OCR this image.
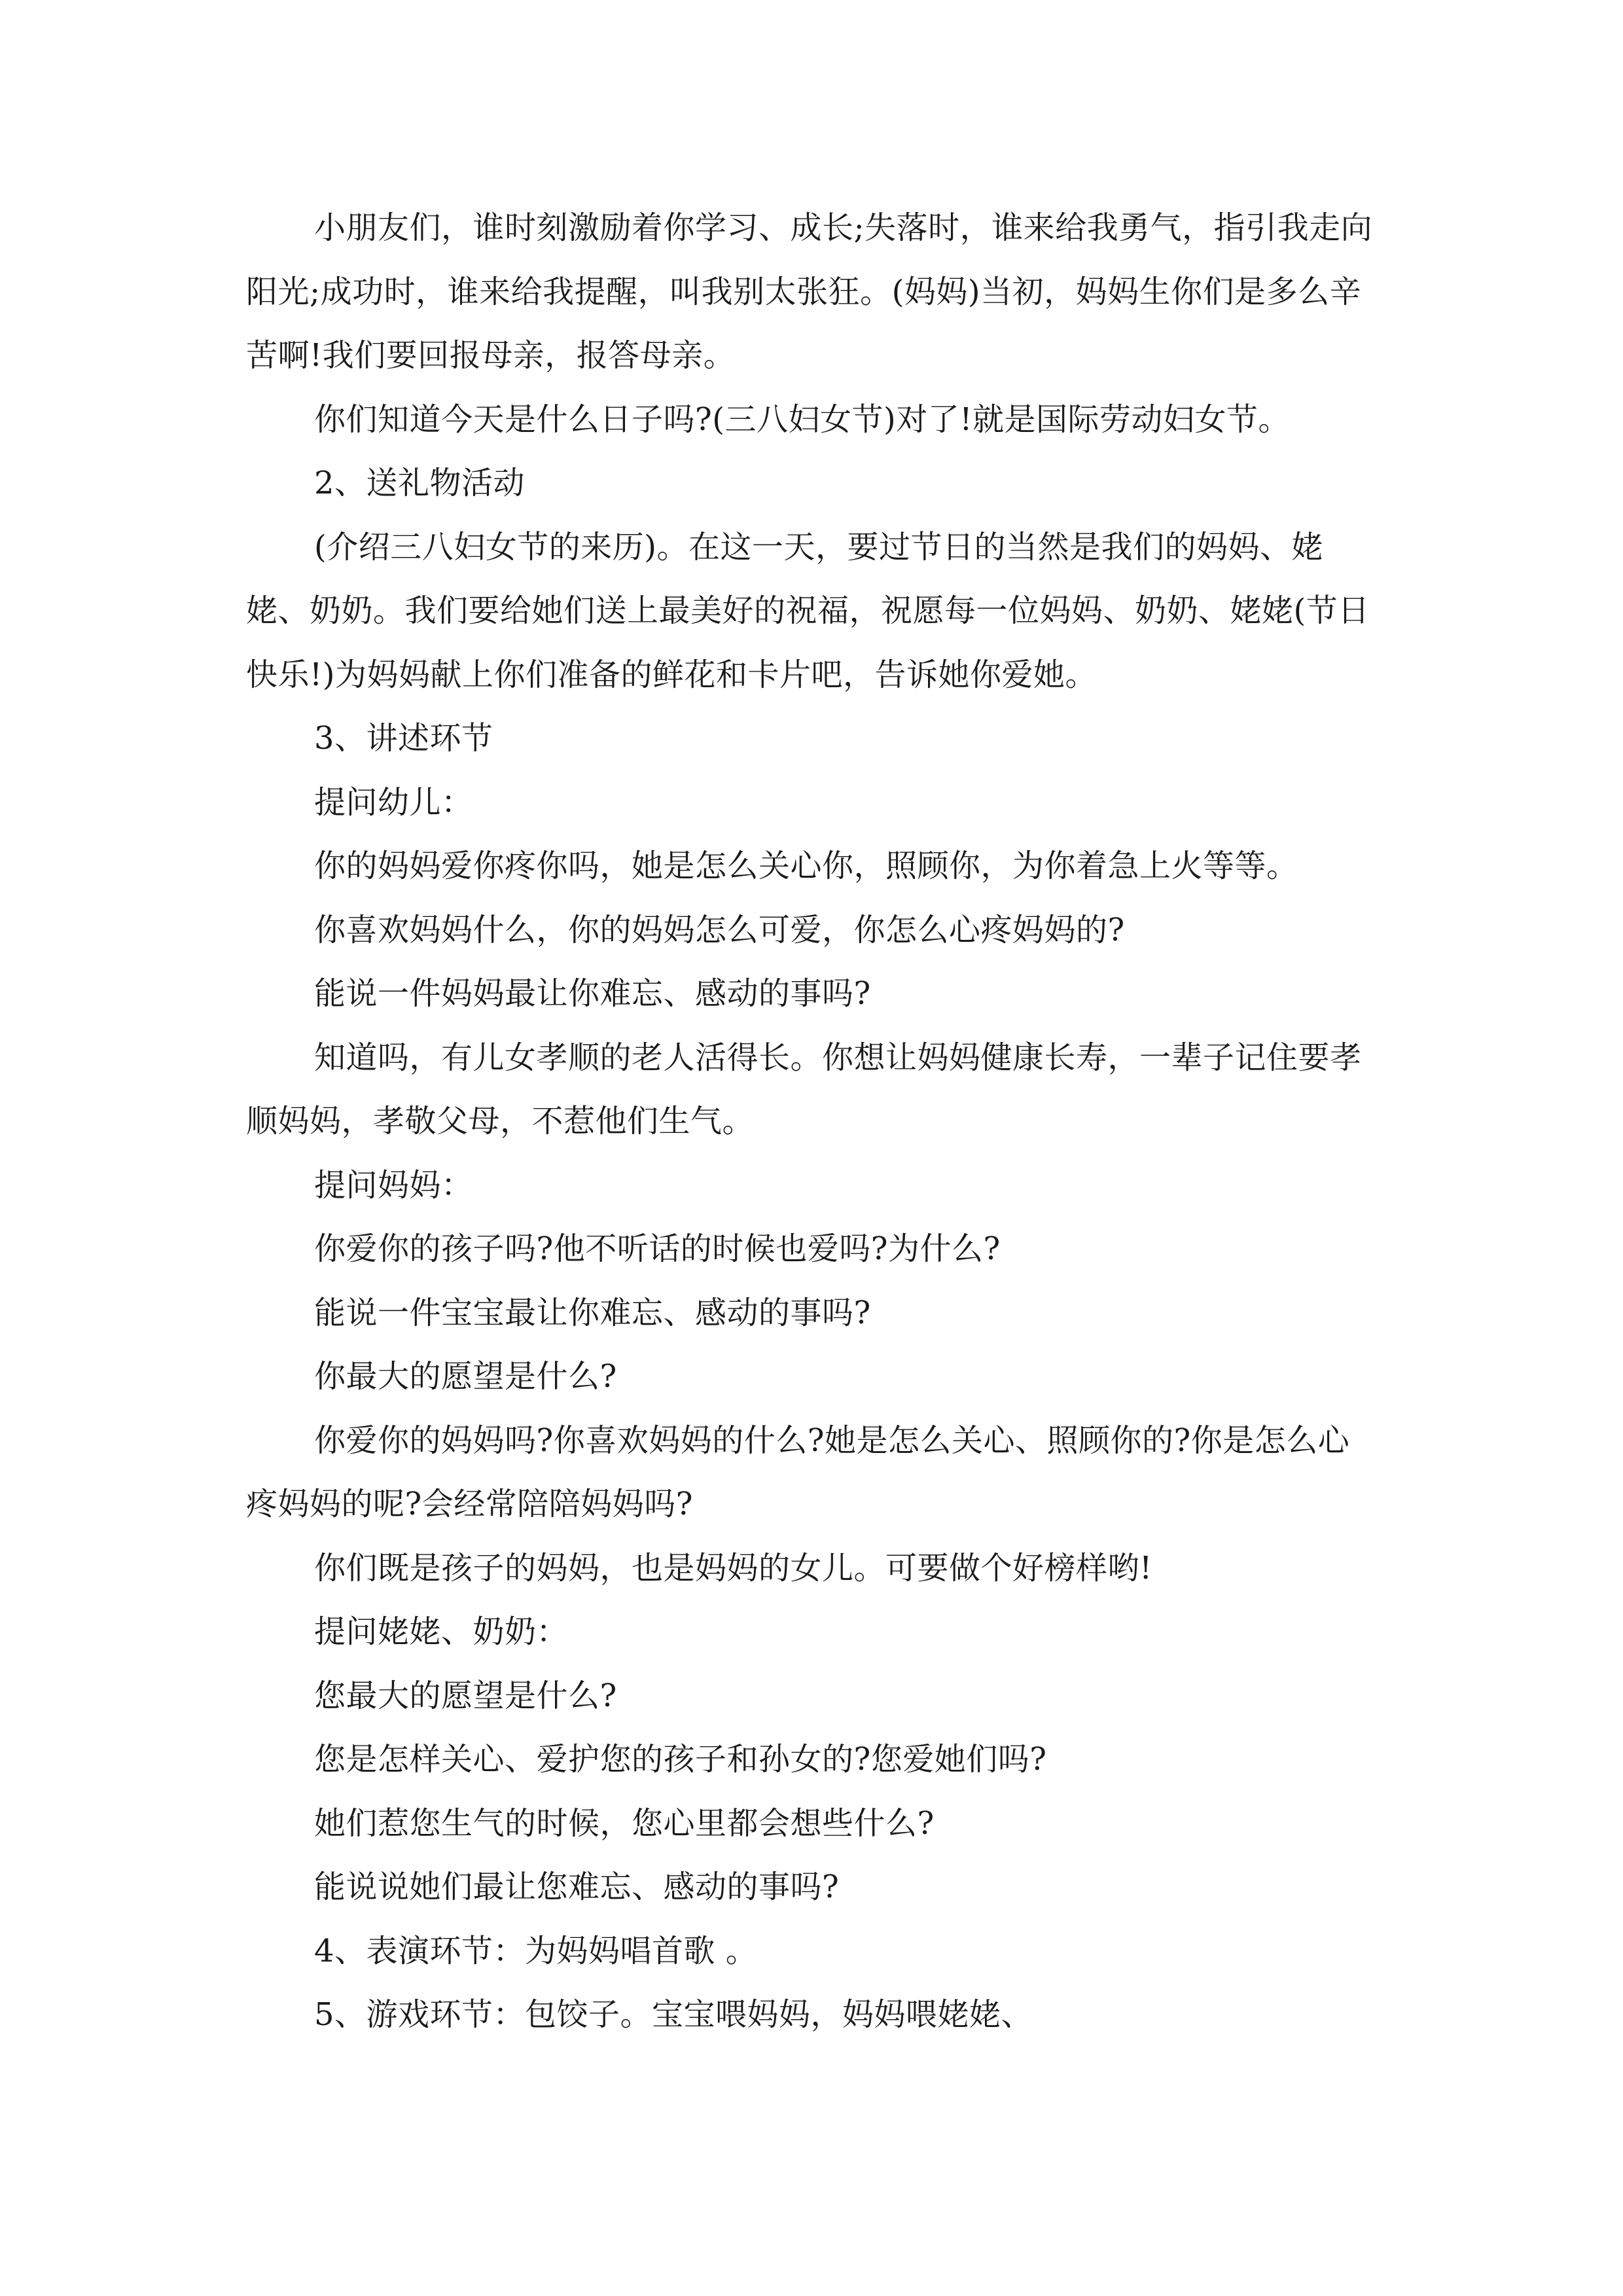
小朋友们，谁时刻激励着你学习、成长;失落时，谁来给我勇气，指引我走向阳光;成功时，谁来给我提醒，叫我别太张狂。(妈妈)当初，妈妈生你们是多么辛苦啊!我们要回报母亲，报答母亲。

你们知道今天是什么日子吗?(三八妇女节)对了!就是国际劳动妇女节。

2、送礼物活动

(介绍三八妇女节的来历)。在这一天，要过节日的当然是我们的妈妈、姥姥、奶奶。我们要给她们送上最美好的祝福，祝愿每一位妈妈、奶奶、姥姥(节日快乐!)为妈妈献上你们准备的鲜花和卡片吧，告诉她你爱她。

3、讲述环节

提问幼儿：

你的妈妈爱你疼你吗，她是怎么关心你，照顾你，为你着急上火等等。

你喜欢妈妈什么，你的妈妈怎么可爱，你怎么心疼妈妈的?

能说一件妈妈最让你难忘、感动的事吗?

知道吗，有儿女孝顺的老人活得长。你想让妈妈健康长寿，一辈子记住要孝顺妈妈，孝敬父母，不惹他们生气。

提问妈妈：

你爱你的孩子吗?他不听话的时候也爱吗?为什么?

能说一件宝宝最让你难忘、感动的事吗?

你最大的愿望是什么?

你爱你的妈妈吗?你喜欢妈妈的什么?她是怎么关心、照顾你的?你是怎么心疼妈妈的呢?会经常陪陪妈妈吗?

你们既是孩子的妈妈，也是妈妈的女儿。可要做个好榜样哟!

提问姥姥、奶奶：

您最大的愿望是什么?

您是怎样关心、爱护您的孩子和孙女的?您爱她们吗?

她们惹您生气的时候，您心里都会想些什么?

能说说她们最让您难忘、感动的事吗?

4、表演环节：为妈妈唱首歌 。

5、游戏环节：包饺子。宝宝喂妈妈，妈妈喂姥姥、
